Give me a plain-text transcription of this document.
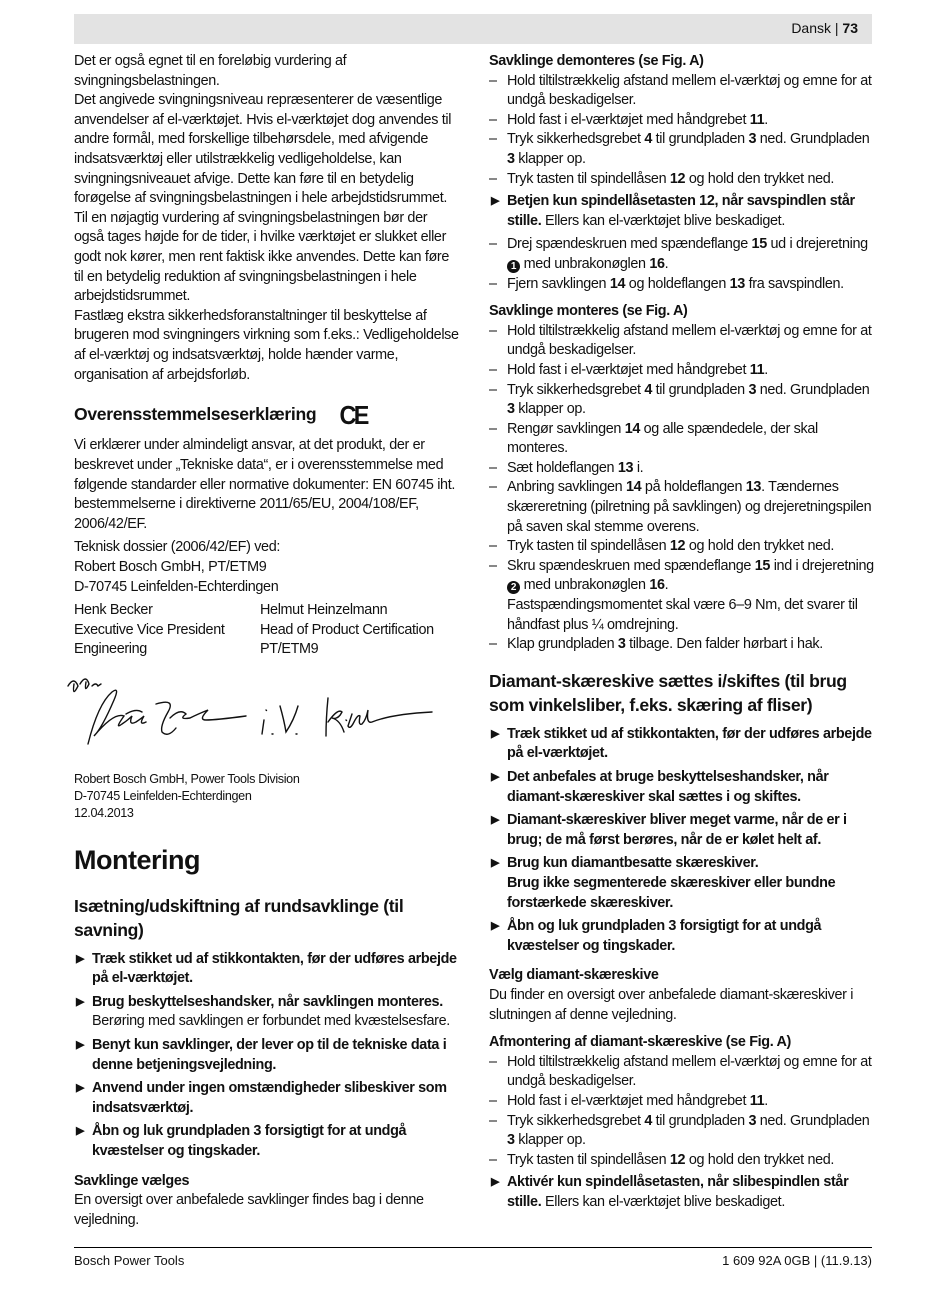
Dansk | 73

Det er også egnet til en foreløbig vurdering af svingningsbelastningen.

Det angivede svingningsniveau repræsenterer de væsentlige anvendelser af el-værktøjet. Hvis el-værktøjet dog anvendes til andre formål, med forskellige tilbehørsdele, med afvigende indsatsværktøj eller utilstrækkelig vedligeholdelse, kan svingningsniveauet afvige. Dette kan føre til en betydelig forøgelse af svingningsbelastningen i hele arbejdstidsrummet.

Til en nøjagtig vurdering af svingningsbelastningen bør der også tages højde for de tider, i hvilke værktøjet er slukket eller godt nok kører, men rent faktisk ikke anvendes. Dette kan føre til en betydelig reduktion af svingningsbelastningen i hele arbejdstidsrummet.

Fastlæg ekstra sikkerhedsforanstaltninger til beskyttelse af brugeren mod svingningers virkning som f.eks.: Vedligeholdelse af el-værktøj og indsatsværktøj, holde hænder varme, organisation af arbejdsforløb.

Overensstemmelseserklæring CE

Vi erklærer under almindeligt ansvar, at det produkt, der er beskrevet under „Tekniske data“, er i overensstemmelse med følgende standarder eller normative dokumenter: EN 60745 iht. bestemmelserne i direktiverne 2011/65/EU, 2004/108/EF, 2006/42/EF.

Teknisk dossier (2006/42/EF) ved:

Robert Bosch GmbH, PT/ETM9

D-70745 Leinfelden-Echterdingen

Henk Becker

Executive Vice President

Engineering

Helmut Heinzelmann

Head of Product Certification

PT/ETM9

Robert Bosch GmbH, Power Tools Division

D-70745 Leinfelden-Echterdingen

12.04.2013

Montering
Isætning/udskiftning af rundsavklinge (til savning)
▶ Træk stikket ud af stikkontakten, før der udføres arbejde på el-værktøjet.
▶ Brug beskyttelseshandsker, når savklingen monteres.
Berøring med savklingen er forbundet med kvæstelsesfare.
▶ Benyt kun savklinger, der lever op til de tekniske data i denne betjeningsvejledning.
▶ Anvend under ingen omstændigheder slibeskiver som indsatsværktøj.
▶ Åbn og luk grundpladen 3 forsigtigt for at undgå kvæstelser og tingskader.

Savklinge vælges

En oversigt over anbefalede savklinger findes bag i denne vejledning.

Savklinge demonteres (se Fig. A)

– Hold tiltilstrækkelig afstand mellem el-værktøj og emne for at undgå beskadigelser.
– Hold fast i el-værktøjet med håndgrebet 11.
– Tryk sikkerhedsgrebet 4 til grundpladen 3 ned. Grundpladen 3 klapper op.
– Tryk tasten til spindellåsen 12 og hold den trykket ned.
▶ Betjen kun spindellåsetasten 12, når savspindlen står stille. Ellers kan el-værktøjet blive beskadiget.
– Drej spændeskruen med spændeflange 15 ud i drejeretning 1 med unbrakonøglen 16.
– Fjern savklingen 14 og holdeflangen 13 fra savspindlen.

Savklinge monteres (se Fig. A)

– Hold tiltilstrækkelig afstand mellem el-værktøj og emne for at undgå beskadigelser.
– Hold fast i el-værktøjet med håndgrebet 11.
– Tryk sikkerhedsgrebet 4 til grundpladen 3 ned. Grundpladen 3 klapper op.
– Rengør savklingen 14 og alle spændedele, der skal monteres.
– Sæt holdeflangen 13 i.
– Anbring savklingen 14 på holdeflangen 13. Tændernes skæreretning (pilretning på savklingen) og drejeretningspilen på saven skal stemme overens.
– Tryk tasten til spindellåsen 12 og hold den trykket ned.
– Skru spændeskruen med spændeflange 15 ind i drejeretning 2 med unbrakonøglen 16.
Fastspændingsmomentet skal være 6–9 Nm, det svarer til håndfast plus ¼ omdrejning.
– Klap grundpladen 3 tilbage. Den falder hørbart i hak.
Diamant-skæreskive sættes i/skiftes (til brug som vinkelsliber, f.eks. skæring af fliser)
▶ Træk stikket ud af stikkontakten, før der udføres arbejde på el-værktøjet.
▶ Det anbefales at bruge beskyttelseshandsker, når diamant-skæreskiver skal sættes i og skiftes.
▶ Diamant-skæreskiver bliver meget varme, når de er i brug; de må først berøres, når de er kølet helt af.
▶ Brug kun diamantbesatte skæreskiver.
Brug ikke segmenterede skæreskiver eller bundne forstærkede skæreskiver.
▶ Åbn og luk grundpladen 3 forsigtigt for at undgå kvæstelser og tingskader.

Vælg diamant-skæreskive

Du finder en oversigt over anbefalede diamant-skæreskiver i slutningen af denne vejledning.

Afmontering af diamant-skæreskive (se Fig. A)

– Hold tiltilstrækkelig afstand mellem el-værktøj og emne for at undgå beskadigelser.
– Hold fast i el-værktøjet med håndgrebet 11.
– Tryk sikkerhedsgrebet 4 til grundpladen 3 ned. Grundpladen 3 klapper op.
– Tryk tasten til spindellåsen 12 og hold den trykket ned.
▶ Aktivér kun spindellåsetasten, når slibespindlen står stille. Ellers kan el-værktøjet blive beskadiget.
Bosch Power Tools	1 609 92A 0GB | (11.9.13)
